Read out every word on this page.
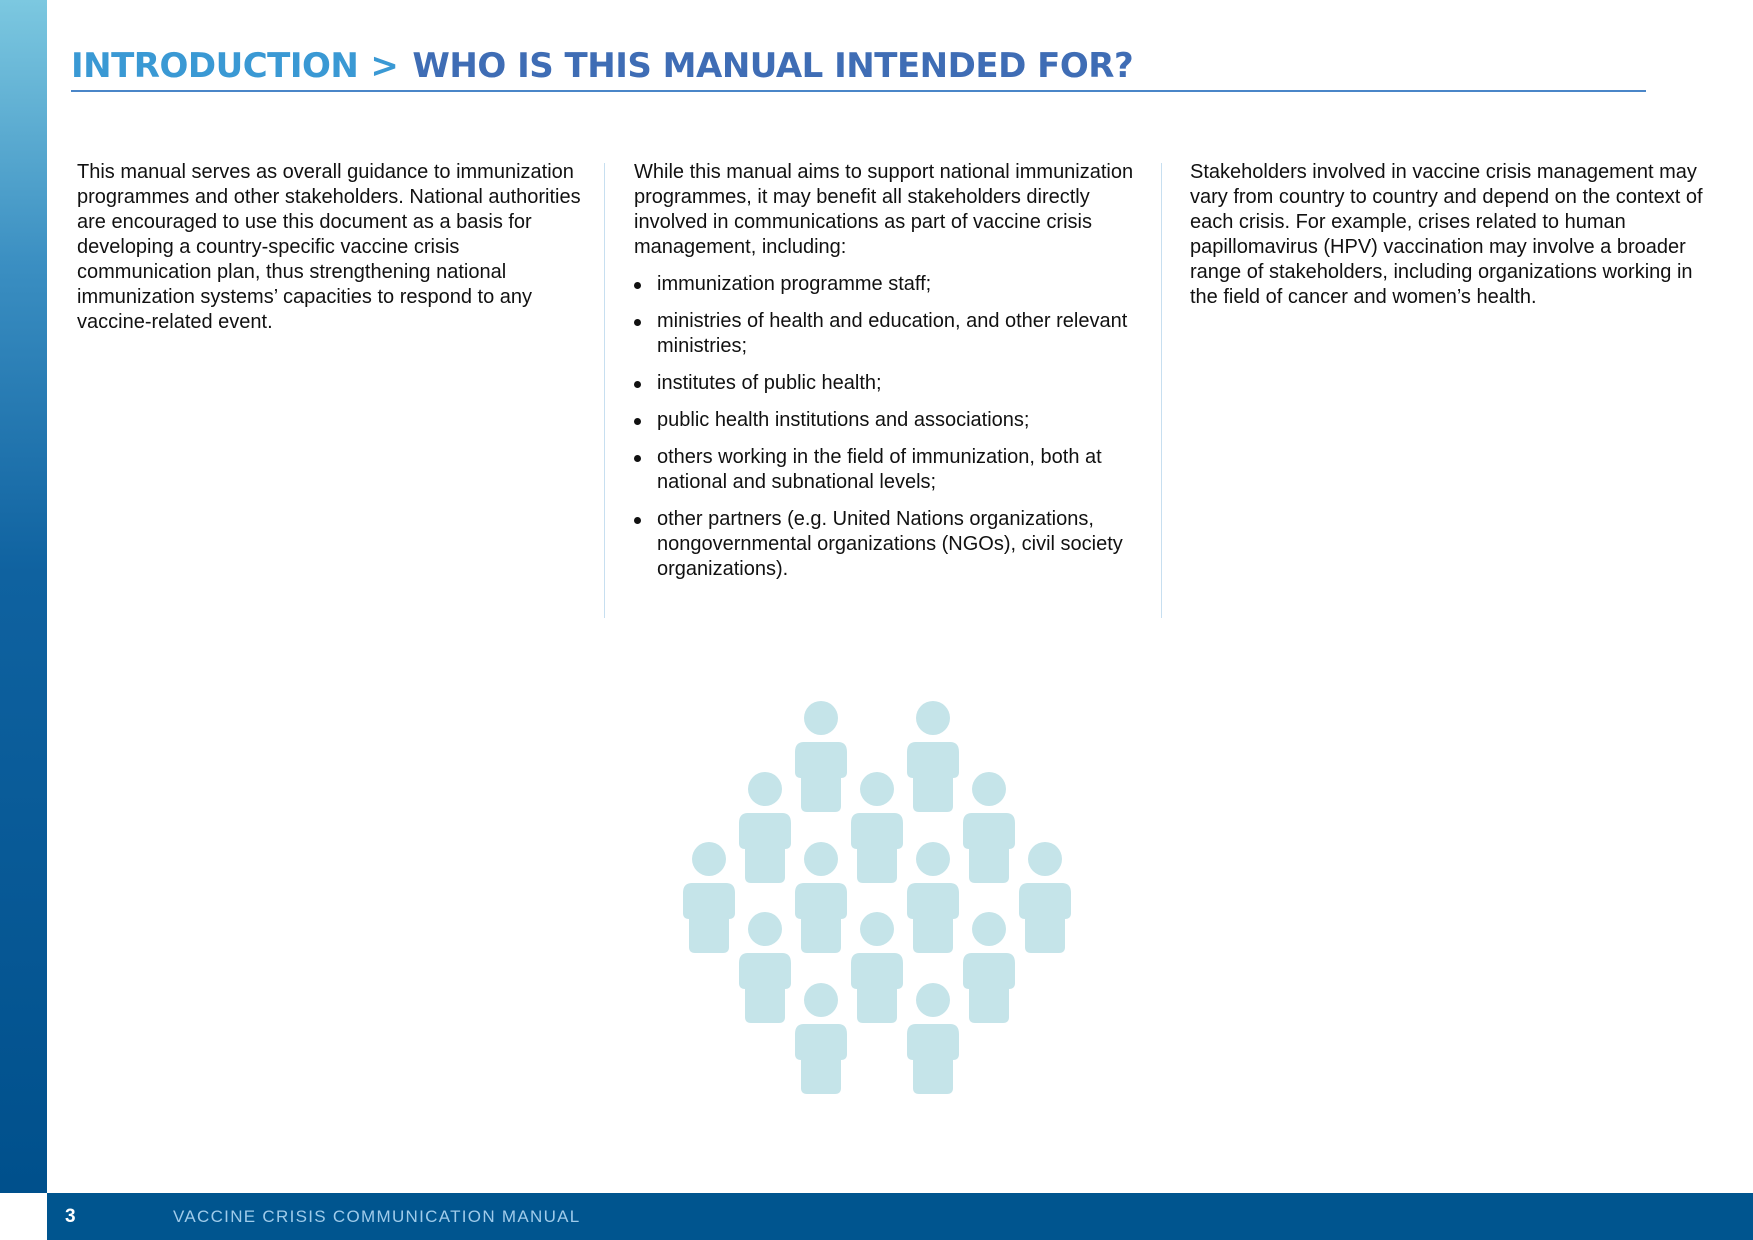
INTRODUCTION > WHO IS THIS MANUAL INTENDED FOR?

This manual serves as overall guidance to immunization programmes and other stakeholders. National authorities are encouraged to use this document as a basis for developing a country-specific vaccine crisis communication plan, thus strengthening national immunization systems’ capacities to respond to any vaccine-related event.

While this manual aims to support national immunization programmes, it may benefit all stakeholders directly involved in communications as part of vaccine crisis management, including:

immunization programme staff;
ministries of health and education, and other relevant ministries;
institutes of public health;
public health institutions and associations;
others working in the field of immunization, both at national and subnational levels;
other partners (e.g. United Nations organizations, nongovernmental organizations (NGOs), civil society organizations).

Stakeholders involved in vaccine crisis management may vary from country to country and depend on the context of each crisis. For example, crises related to human papillomavirus (HPV) vaccination may involve a broader range of stakeholders, including organizations working in the field of cancer and women’s health.

3	VACCINE CRISIS COMMUNICATION MANUAL
